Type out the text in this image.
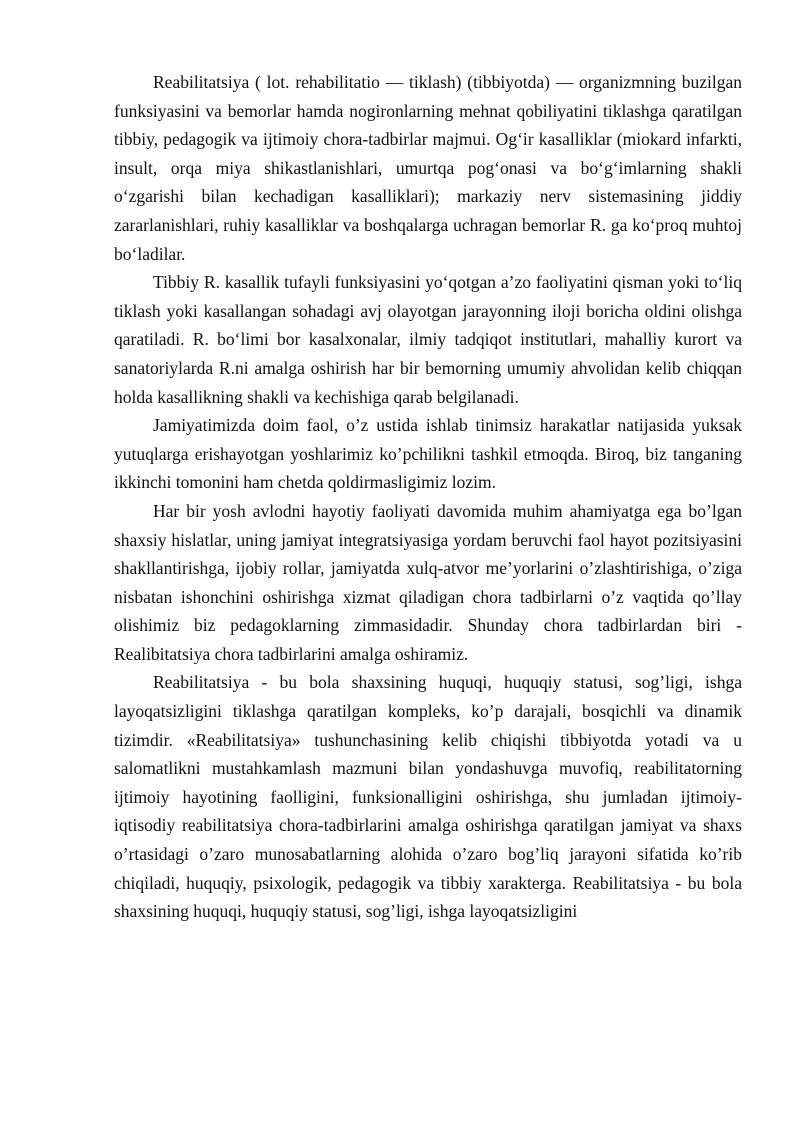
Reabilitatsiya ( lot. rehabilitatio — tiklash) (tibbiyotda) — organizmning buzilgan funksiyasini va bemorlar hamda nogironlarning mehnat qobiliyatini tiklashga qaratilgan tibbiy, pedagogik va ijtimoiy chora-tadbirlar majmui. Og‘ir kasalliklar (miokard infarkti, insult, orqa miya shikastlanishlari, umurtqa pog‘onasi va bo‘g‘imlarning shakli o‘zgarishi bilan kechadigan kasalliklari); markaziy nerv sistemasining jiddiy zararlanishlari, ruhiy kasalliklar va boshqalarga uchragan bemorlar R. ga ko‘proq muhtoj bo‘ladilar.

Tibbiy R. kasallik tufayli funksiyasini yo‘qotgan a’zo faoliyatini qisman yoki to‘liq tiklash yoki kasallangan sohadagi avj olayotgan jarayonning iloji boricha oldini olishga qaratiladi. R. bo‘limi bor kasalxonalar, ilmiy tadqiqot institutlari, mahalliy kurort va sanatoriylarda R.ni amalga oshirish har bir bemorning umumiy ahvolidan kelib chiqqan holda kasallikning shakli va kechishiga qarab belgilanadi.

Jamiyatimizda doim faol, o’z ustida ishlab tinimsiz harakatlar natijasida yuksak yutuqlarga erishayotgan yoshlarimiz ko’pchilikni tashkil etmoqda. Biroq, biz tanganing ikkinchi tomonini ham chetda qoldirmasligimiz lozim.

Har bir yosh avlodni hayotiy faoliyati davomida muhim ahamiyatga ega bo’lgan shaxsiy hislatlar, uning jamiyat integratsiyasiga yordam beruvchi faol hayot pozitsiyasini shakllantirishga, ijobiy rollar, jamiyatda xulq-atvor me’yorlarini o’zlashtirishiga, o’ziga nisbatan ishonchini oshirishga xizmat qiladigan chora tadbirlarni o’z vaqtida qo’llay olishimiz biz pedagoklarning zimmasidadir. Shunday chora tadbirlardan biri - Realibitatsiya chora tadbirlarini amalga oshiramiz.

Reabilitatsiya - bu bola shaxsining huquqi, huquqiy statusi, sog’ligi, ishga layoqatsizligini tiklashga qaratilgan kompleks, ko’p darajali, bosqichli va dinamik tizimdir. «Reabilitatsiya» tushunchasining kelib chiqishi tibbiyotda yotadi va u salomatlikni mustahkamlash mazmuni bilan yondashuvga muvofiq, reabilitatorning ijtimoiy hayotining faolligini, funksionalligini oshirishga, shu jumladan ijtimoiy-iqtisodiy reabilitatsiya chora-tadbirlarini amalga oshirishga qaratilgan jamiyat va shaxs o’rtasidagi o’zaro munosabatlarning alohida o’zaro bog’liq jarayoni sifatida ko’rib chiqiladi, huquqiy, psixologik, pedagogik va tibbiy xarakterga. Reabilitatsiya - bu bola shaxsining huquqi, huquqiy statusi, sog’ligi, ishga layoqatsizligini
